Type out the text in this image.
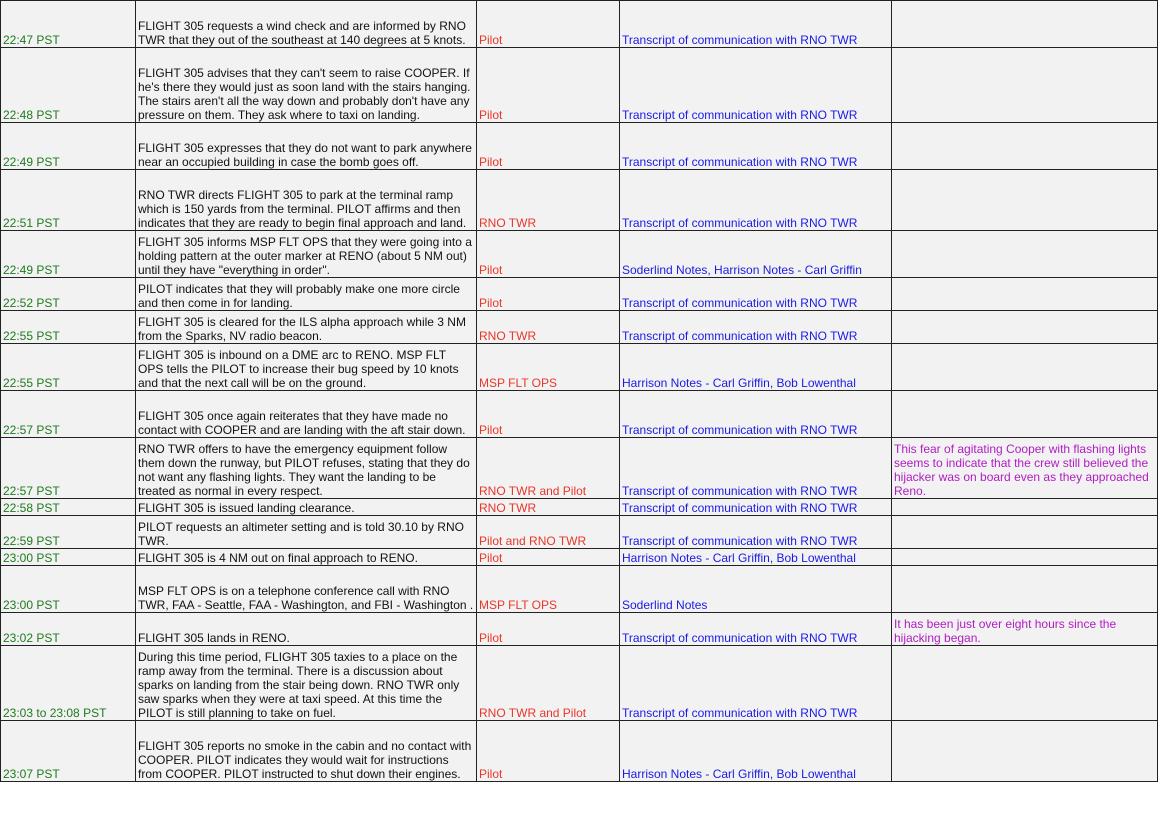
22:47 PST	FLIGHT 305 requests a wind check and are informed by RNO TWR that they out of the southeast at 140 degrees at 5 knots.	Pilot	Transcript of communication with RNO TWR	

22:48 PST	FLIGHT 305 advises that they can't seem to raise COOPER. If he's there they would just as soon land with the stairs hanging. The stairs aren't all the way down and probably don't have any pressure on them. They ask where to taxi on landing.	Pilot	Transcript of communication with RNO TWR	

22:49 PST	FLIGHT 305 expresses that they do not want to park anywhere near an occupied building in case the bomb goes off.	Pilot	Transcript of communication with RNO TWR	

22:51 PST	RNO TWR directs FLIGHT 305 to park at the terminal ramp which is 150 yards from the terminal. PILOT affirms and then indicates that they are ready to begin final approach and land.	RNO TWR	Transcript of communication with RNO TWR	

22:49 PST	FLIGHT 305 informs MSP FLT OPS that they were going into a holding pattern at the outer marker at RENO (about 5 NM out) until they have "everything in order".	Pilot	Soderlind Notes, Harrison Notes - Carl Griffin	

22:52 PST	PILOT indicates that they will probably make one more circle and then come in for landing.	Pilot	Transcript of communication with RNO TWR	

22:55 PST	FLIGHT 305 is cleared for the ILS alpha approach while 3 NM from the Sparks, NV radio beacon.	RNO TWR	Transcript of communication with RNO TWR	

22:55 PST	FLIGHT 305 is inbound on a DME arc to RENO. MSP FLT OPS tells the PILOT to increase their bug speed by 10 knots and that the next call will be on the ground.	MSP FLT OPS	Harrison Notes - Carl Griffin, Bob Lowenthal	

22:57 PST	FLIGHT 305 once again reiterates that they have made no contact with COOPER and are landing with the aft stair down.	Pilot	Transcript of communication with RNO TWR	

22:57 PST	RNO TWR offers to have the emergency equipment follow them down the runway, but PILOT refuses, stating that they do not want any flashing lights. They want the landing to be treated as normal in every respect.	RNO TWR and Pilot	Transcript of communication with RNO TWR	This fear of agitating Cooper with flashing lights seems to indicate that the crew still believed the hijacker was on board even as they approached Reno.

22:58 PST	FLIGHT 305 is issued landing clearance.	RNO TWR	Transcript of communication with RNO TWR	

22:59 PST	PILOT requests an altimeter setting and is told 30.10 by RNO TWR.	Pilot and RNO TWR	Transcript of communication with RNO TWR	

23:00 PST	FLIGHT 305 is 4 NM out on final approach to RENO.	Pilot	Harrison Notes - Carl Griffin, Bob Lowenthal	

23:00 PST	MSP FLT OPS is on a telephone conference call with RNO TWR, FAA - Seattle, FAA - Washington, and FBI - Washington .	MSP FLT OPS	Soderlind Notes	

23:02 PST	FLIGHT 305 lands in RENO.	Pilot	Transcript of communication with RNO TWR	It has been just over eight hours since the hijacking began.

23:03 to 23:08 PST	During this time period, FLIGHT 305 taxies to a place on the ramp away from the terminal. There is a discussion about sparks on landing from the stair being down. RNO TWR only saw sparks when they were at taxi speed. At this time the PILOT is still planning to take on fuel.	RNO TWR and Pilot	Transcript of communication with RNO TWR	

23:07 PST	FLIGHT 305 reports no smoke in the cabin and no contact with COOPER. PILOT indicates they would wait for instructions from COOPER. PILOT instructed to shut down their engines.	Pilot	Harrison Notes - Carl Griffin, Bob Lowenthal	
